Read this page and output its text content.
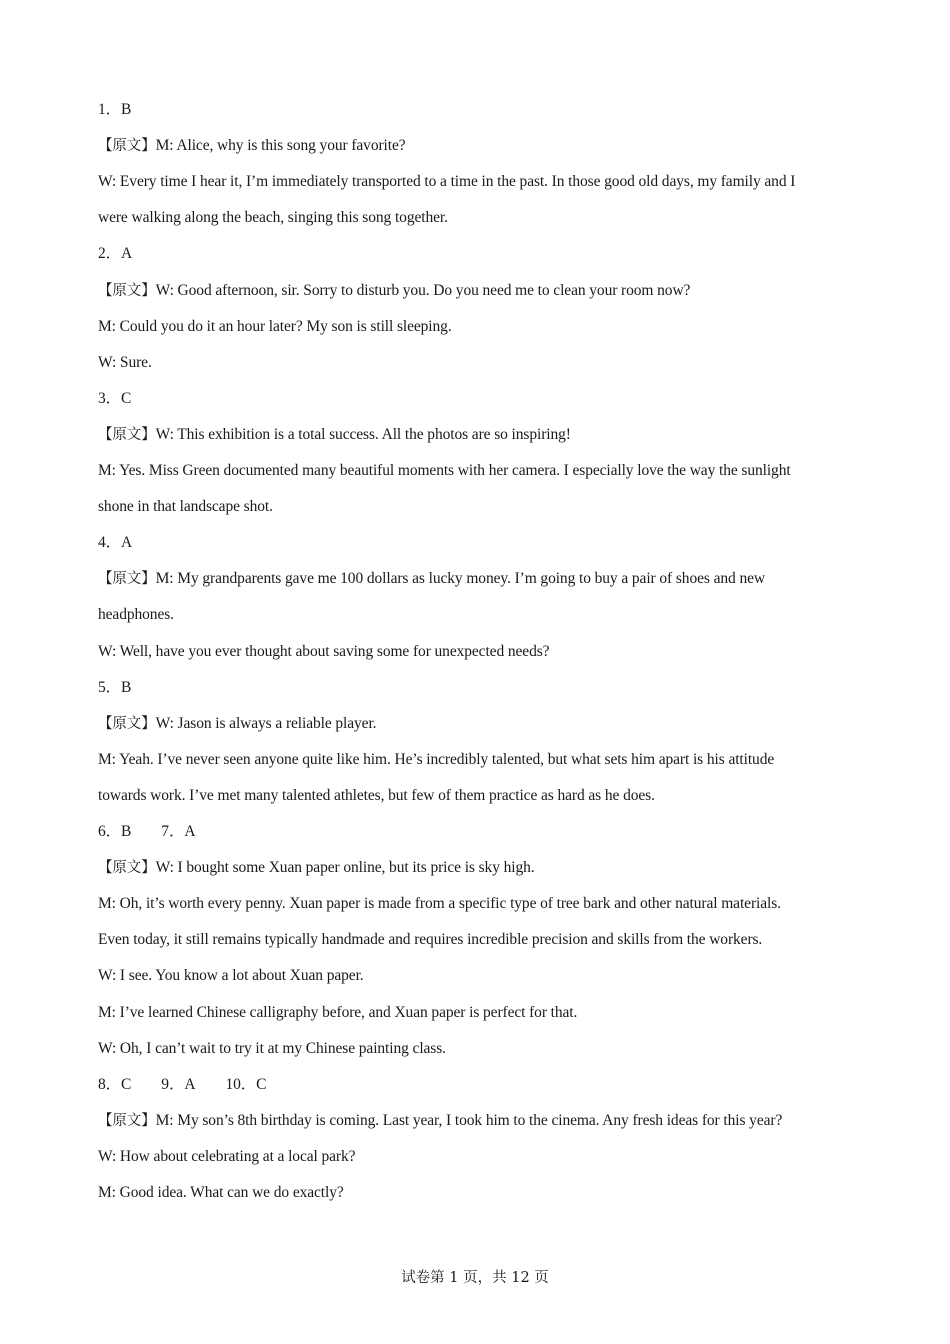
1．B
【原文】M: Alice, why is this song your favorite?
W: Every time I hear it, I’m immediately transported to a time in the past. In those good old days, my family and I
were walking along the beach, singing this song together.
2．A
【原文】W: Good afternoon, sir. Sorry to disturb you. Do you need me to clean your room now?
M: Could you do it an hour later? My son is still sleeping.
W: Sure.
3．C
【原文】W: This exhibition is a total success. All the photos are so inspiring!
M: Yes. Miss Green documented many beautiful moments with her camera. I especially love the way the sunlight
shone in that landscape shot.
4．A
【原文】M: My grandparents gave me 100 dollars as lucky money. I’m going to buy a pair of shoes and new
headphones.
W: Well, have you ever thought about saving some for unexpected needs?
5．B
【原文】W: Jason is always a reliable player.
M: Yeah. I’ve never seen anyone quite like him. He’s incredibly talented, but what sets him apart is his attitude
towards work. I’ve met many talented athletes, but few of them practice as hard as he does.
6．B 7．A
【原文】W: I bought some Xuan paper online, but its price is sky high.
M: Oh, it’s worth every penny. Xuan paper is made from a specific type of tree bark and other natural materials.
Even today, it still remains typically handmade and requires incredible precision and skills from the workers.
W: I see. You know a lot about Xuan paper.
M: I’ve learned Chinese calligraphy before, and Xuan paper is perfect for that.
W: Oh, I can’t wait to try it at my Chinese painting class.
8．C 9．A 10．C
【原文】M: My son’s 8th birthday is coming. Last year, I took him to the cinema. Any fresh ideas for this year?
W: How about celebrating at a local park?
M: Good idea. What can we do exactly?
试卷第 1 页，共 12 页
